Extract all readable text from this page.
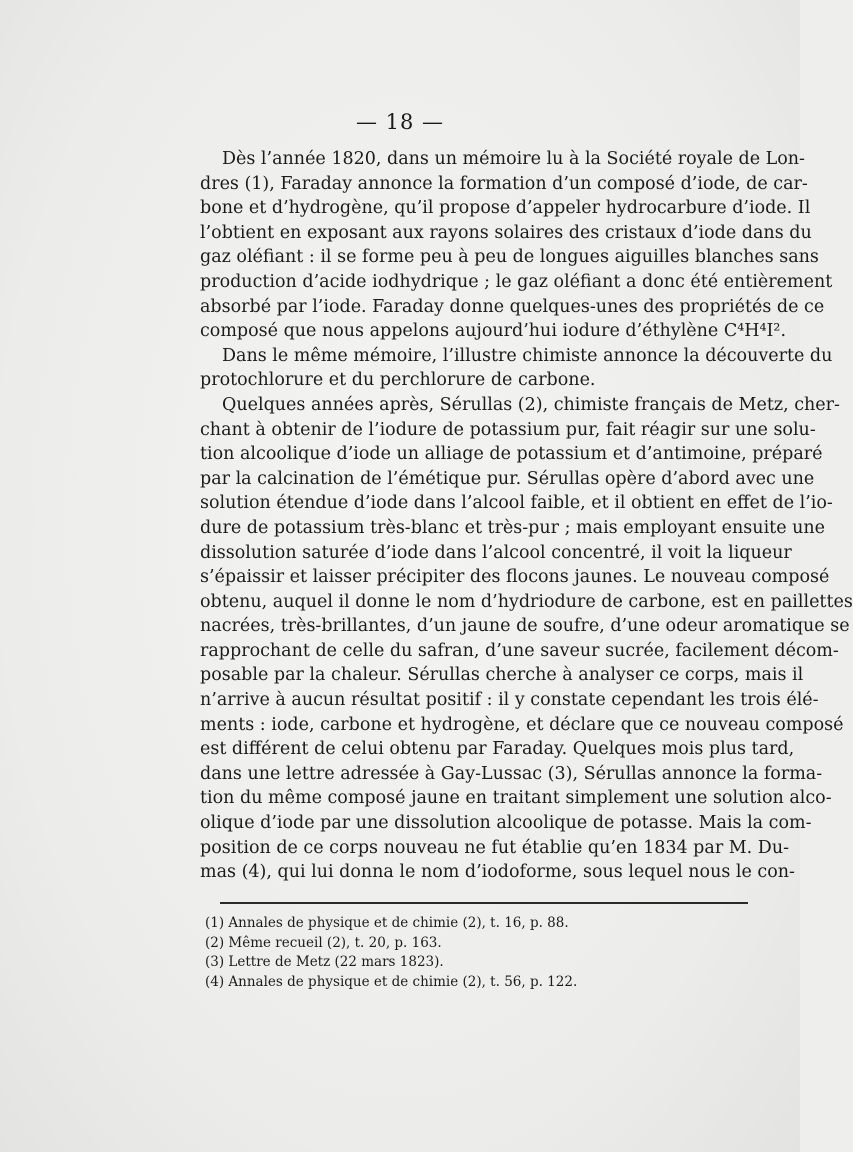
— 18 —
Dès l’année 1820, dans un mémoire lu à la Société royale de Lon-
dres (1), Faraday annonce la formation d’un composé d’iode, de car-
bone et d’hydrogène, qu’il propose d’appeler hydrocarbure d’iode. Il
l’obtient en exposant aux rayons solaires des cristaux d’iode dans du
gaz oléfiant : il se forme peu à peu de longues aiguilles blanches sans
production d’acide iodhydrique ; le gaz oléfiant a donc été entièrement
absorbé par l’iode. Faraday donne quelques-unes des propriétés de ce
composé que nous appelons aujourd’hui iodure d’éthylène C⁴H⁴I².
Dans le même mémoire, l’illustre chimiste annonce la découverte du
protochlorure et du perchlorure de carbone.
Quelques années après, Sérullas (2), chimiste français de Metz, cher-
chant à obtenir de l’iodure de potassium pur, fait réagir sur une solu-
tion alcoolique d’iode un alliage de potassium et d’antimoine, préparé
par la calcination de l’émétique pur. Sérullas opère d’abord avec une
solution étendue d’iode dans l’alcool faible, et il obtient en effet de l’io-
dure de potassium très-blanc et très-pur ; mais employant ensuite une
dissolution saturée d’iode dans l’alcool concentré, il voit la liqueur
s’épaissir et laisser précipiter des flocons jaunes. Le nouveau composé
obtenu, auquel il donne le nom d’hydriodure de carbone, est en paillettes
nacrées, très-brillantes, d’un jaune de soufre, d’une odeur aromatique se
rapprochant de celle du safran, d’une saveur sucrée, facilement décom-
posable par la chaleur. Sérullas cherche à analyser ce corps, mais il
n’arrive à aucun résultat positif : il y constate cependant les trois élé-
ments : iode, carbone et hydrogène, et déclare que ce nouveau composé
est différent de celui obtenu par Faraday. Quelques mois plus tard,
dans une lettre adressée à Gay-Lussac (3), Sérullas annonce la forma-
tion du même composé jaune en traitant simplement une solution alco-
olique d’iode par une dissolution alcoolique de potasse. Mais la com-
position de ce corps nouveau ne fut établie qu’en 1834 par M. Du-
mas (4), qui lui donna le nom d’iodoforme, sous lequel nous le con-
(1) Annales de physique et de chimie (2), t. 16, p. 88.
(2) Même recueil (2), t. 20, p. 163.
(3) Lettre de Metz (22 mars 1823).
(4) Annales de physique et de chimie (2), t. 56, p. 122.
